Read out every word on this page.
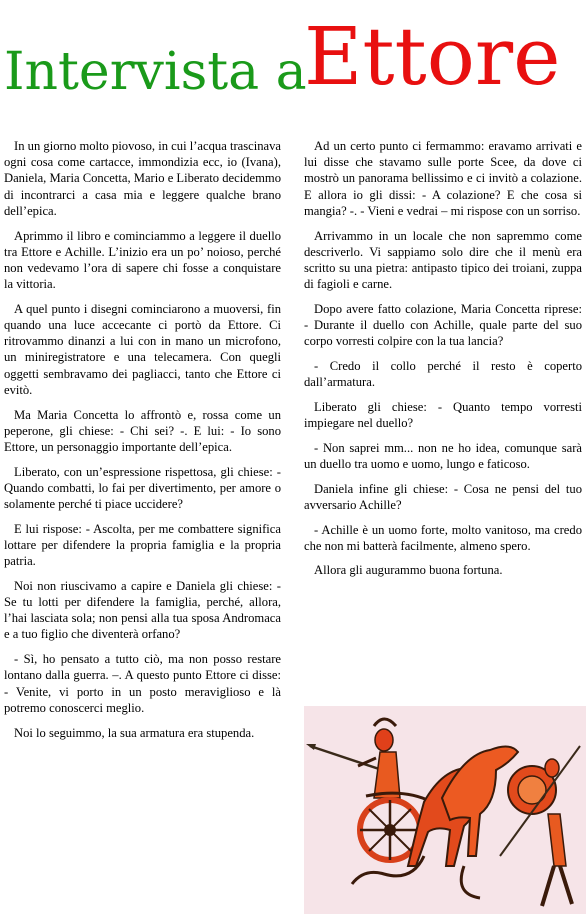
Intervista a
Ettore

In un giorno molto piovoso, in cui l’acqua trascinava ogni cosa come cartacce, immondizia ecc, io (Ivana), Daniela, Maria Concetta, Mario e Liberato decidemmo di incontrarci a casa mia e leggere qualche brano dell’epica.

Aprimmo il libro e cominciammo a leggere il duello tra Ettore e Achille. L’inizio era un po’ noioso, perché non vedevamo l’ora di sapere chi fosse a conquistare la vittoria.

A quel punto i disegni cominciarono a muoversi, fin quando una luce accecante ci portò da Ettore. Ci ritrovammo dinanzi a lui con in mano un microfono, un miniregistratore e una telecamera. Con quegli oggetti sembravamo dei pagliacci, tanto che Ettore ci evitò.

Ma Maria Concetta lo affrontò e, rossa come un peperone, gli chiese: - Chi sei? -. E lui: - Io sono Ettore, un personaggio importante dell’epica.

Liberato, con un’espressione rispettosa, gli chiese: - Quando combatti, lo fai per divertimento, per amore o solamente perché ti piace uccidere?

E lui rispose: - Ascolta, per me combattere significa lottare per difendere la propria famiglia e la propria patria.

Noi non riuscivamo a capire e Daniela gli chiese: - Se tu lotti per difendere la famiglia, perché, allora, l’hai lasciata sola; non pensi alla tua sposa Andromaca e a tuo figlio che diventerà orfano?

- Sì, ho pensato a tutto ciò, ma non posso restare lontano dalla guerra. –. A questo punto Ettore ci disse: - Venite, vi porto in un posto meraviglioso e là potremo conoscerci meglio.

Noi lo seguimmo, la sua armatura era stupenda.

Ad un certo punto ci fermammo: eravamo arrivati e lui disse che stavamo sulle porte Scee, da dove ci mostrò un panorama bellissimo e ci invitò a colazione. E allora io gli dissi: - A colazione? E che cosa si mangia? -. - Vieni e vedrai – mi rispose con un sorriso.

Arrivammo in un locale che non sapremmo come descriverlo. Vi sappiamo solo dire che il menù era scritto su una pietra: antipasto tipico dei troiani, zuppa di fagioli e carne.

Dopo avere fatto colazione, Maria Concetta riprese: - Durante il duello con Achille, quale parte del suo corpo vorresti colpire con la tua lancia?

- Credo il collo perché il resto è coperto dall’armatura.

Liberato gli chiese: - Quanto tempo vorresti impiegare nel duello?

- Non saprei mm... non ne ho idea, comunque sarà un duello tra uomo e uomo, lungo e faticoso.

Daniela infine gli chiese: - Cosa ne pensi del tuo avversario Achille?

- Achille è un uomo forte, molto vanitoso, ma credo che non mi batterà facilmente, almeno spero.

Allora gli augurammo buona fortuna.
